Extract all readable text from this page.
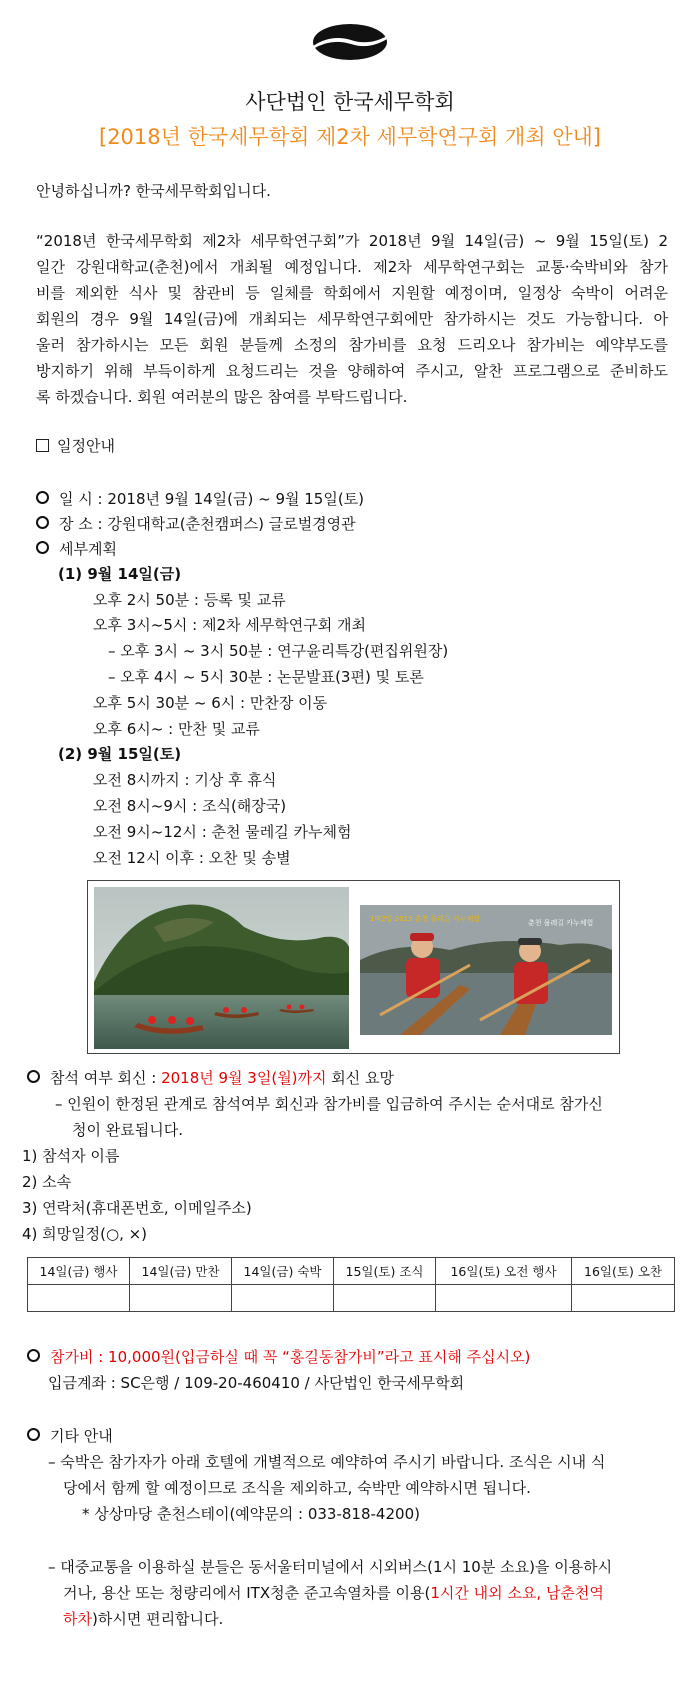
사단법인 한국세무학회
[2018년 한국세무학회 제2차 세무학연구회 개최 안내]
안녕하십니까? 한국세무학회입니다.
“2018년 한국세무학회 제2차 세무학연구회”가 2018년 9월 14일(금) ~ 9월 15일(토) 2
일간 강원대학교(춘천)에서 개최될 예정입니다. 제2차 세무학연구회는 교통·숙박비와 참가
비를 제외한 식사 및 참관비 등 일체를 학회에서 지원할 예정이며, 일정상 숙박이 어려운
회원의 경우 9월 14일(금)에 개최되는 세무학연구회에만 참가하시는 것도 가능합니다. 아
울러 참가하시는 모든 회원 분들께 소정의 참가비를 요청 드리오나 참가비는 예약부도를
방지하기 위해 부득이하게 요청드리는 것을 양해하여 주시고, 알찬 프로그램으로 준비하도
록 하겠습니다. 회원 여러분의 많은 참여를 부탁드립니다.
일정안내
일 시 : 2018년 9월 14일(금) ~ 9월 15일(토)
장 소 : 강원대학교(춘천캠퍼스) 글로벌경영관
세부계획
(1) 9월 14일(금)
오후 2시 50분 : 등록 및 교류
오후 3시~5시 : 제2차 세무학연구회 개최
– 오후 3시 ~ 3시 50분 : 연구윤리특강(편집위원장)
– 오후 4시 ~ 5시 30분 : 논문발표(3편) 및 토론
오후 5시 30분 ~ 6시 : 만찬장 이동
오후 6시~ : 만찬 및 교류
(2) 9월 15일(토)
오전 8시까지 : 기상 후 휴식
오전 8시~9시 : 조식(해장국)
오전 9시~12시 : 춘천 물레길 카누체험
오전 12시 이후 : 오찬 및 송별
1박2일 2013 춘천 물레길 카누체험	춘천 물레길 카누체험
참석 여부 회신 : 2018년 9월 3일(월)까지 회신 요망
– 인원이 한정된 관계로 참석여부 회신과 참가비를 입금하여 주시는 순서대로 참가신
청이 완료됩니다.
1) 참석자 이름
2) 소속
3) 연락처(휴대폰번호, 이메일주소)
4) 희망일정(○, ×)
14일(금) 행사	14일(금) 만찬	14일(금) 숙박	15일(토) 조식	16일(토) 오전 행사	16일(토) 오찬

참가비 : 10,000원(입금하실 때 꼭 “홍길동참가비”라고 표시해 주십시오)
입금계좌 : SC은행 / 109-20-460410 / 사단법인 한국세무학회
기타 안내
– 숙박은 참가자가 아래 호텔에 개별적으로 예약하여 주시기 바랍니다. 조식은 시내 식
당에서 함께 할 예정이므로 조식을 제외하고, 숙박만 예약하시면 됩니다.
* 상상마당 춘천스테이(예약문의 : 033-818-4200)
– 대중교통을 이용하실 분들은 동서울터미널에서 시외버스(1시 10분 소요)을 이용하시
거나, 용산 또는 청량리에서 ITX청춘 준고속열차를 이용(1시간 내외 소요, 남춘천역
하차)하시면 편리합니다.
